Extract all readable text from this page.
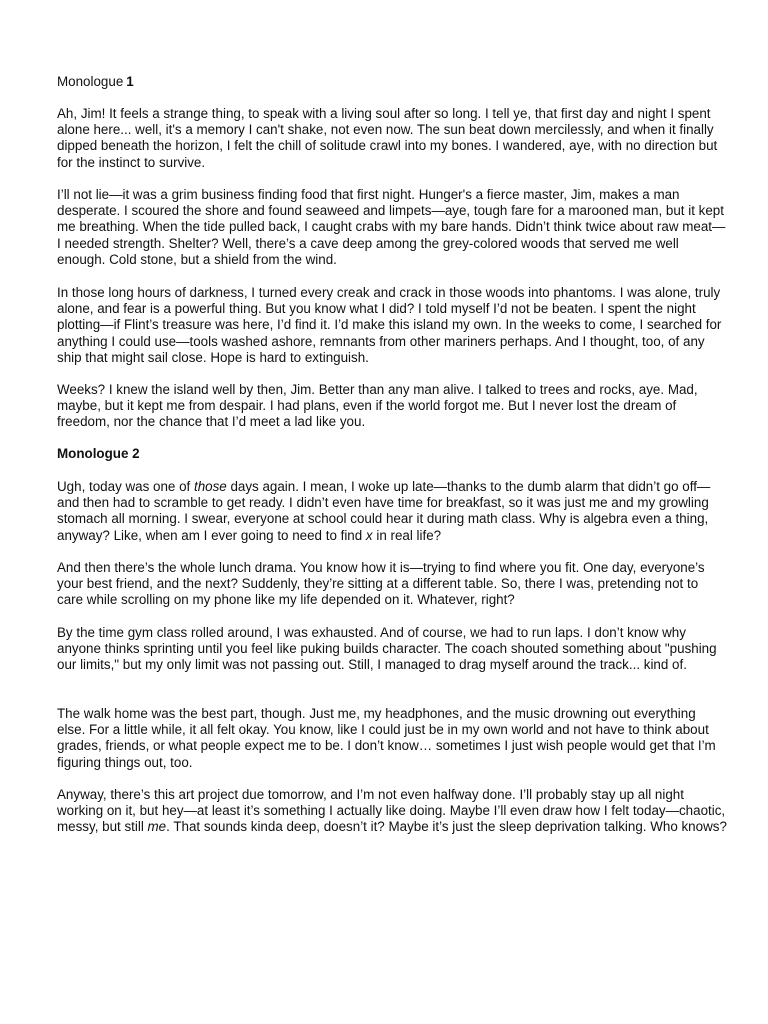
Monologue 1

Ah, Jim! It feels a strange thing, to speak with a living soul after so long. I tell ye, that first day and night I spent alone here... well, it's a memory I can't shake, not even now. The sun beat down mercilessly, and when it finally dipped beneath the horizon, I felt the chill of solitude crawl into my bones. I wandered, aye, with no direction but for the instinct to survive.

I’ll not lie—it was a grim business finding food that first night. Hunger's a fierce master, Jim, makes a man desperate. I scoured the shore and found seaweed and limpets—aye, tough fare for a marooned man, but it kept me breathing. When the tide pulled back, I caught crabs with my bare hands. Didn’t think twice about raw meat—I needed strength. Shelter? Well, there’s a cave deep among the grey-colored woods that served me well enough. Cold stone, but a shield from the wind.

In those long hours of darkness, I turned every creak and crack in those woods into phantoms. I was alone, truly alone, and fear is a powerful thing. But you know what I did? I told myself I’d not be beaten. I spent the night plotting—if Flint’s treasure was here, I’d find it. I’d make this island my own. In the weeks to come, I searched for anything I could use—tools washed ashore, remnants from other mariners perhaps. And I thought, too, of any ship that might sail close. Hope is hard to extinguish.

Weeks? I knew the island well by then, Jim. Better than any man alive. I talked to trees and rocks, aye. Mad, maybe, but it kept me from despair. I had plans, even if the world forgot me. But I never lost the dream of freedom, nor the chance that I’d meet a lad like you.

Monologue 2

Ugh, today was one of those days again. I mean, I woke up late—thanks to the dumb alarm that didn’t go off—and then had to scramble to get ready. I didn’t even have time for breakfast, so it was just me and my growling stomach all morning. I swear, everyone at school could hear it during math class. Why is algebra even a thing, anyway? Like, when am I ever going to need to find x in real life?

And then there’s the whole lunch drama. You know how it is—trying to find where you fit. One day, everyone’s your best friend, and the next? Suddenly, they’re sitting at a different table. So, there I was, pretending not to care while scrolling on my phone like my life depended on it. Whatever, right?

By the time gym class rolled around, I was exhausted. And of course, we had to run laps. I don’t know why anyone thinks sprinting until you feel like puking builds character. The coach shouted something about "pushing our limits," but my only limit was not passing out. Still, I managed to drag myself around the track... kind of.

The walk home was the best part, though. Just me, my headphones, and the music drowning out everything else. For a little while, it all felt okay. You know, like I could just be in my own world and not have to think about grades, friends, or what people expect me to be. I don’t know… sometimes I just wish people would get that I’m figuring things out, too.

Anyway, there’s this art project due tomorrow, and I’m not even halfway done. I’ll probably stay up all night working on it, but hey—at least it’s something I actually like doing. Maybe I’ll even draw how I felt today—chaotic, messy, but still me. That sounds kinda deep, doesn’t it? Maybe it’s just the sleep deprivation talking. Who knows?
